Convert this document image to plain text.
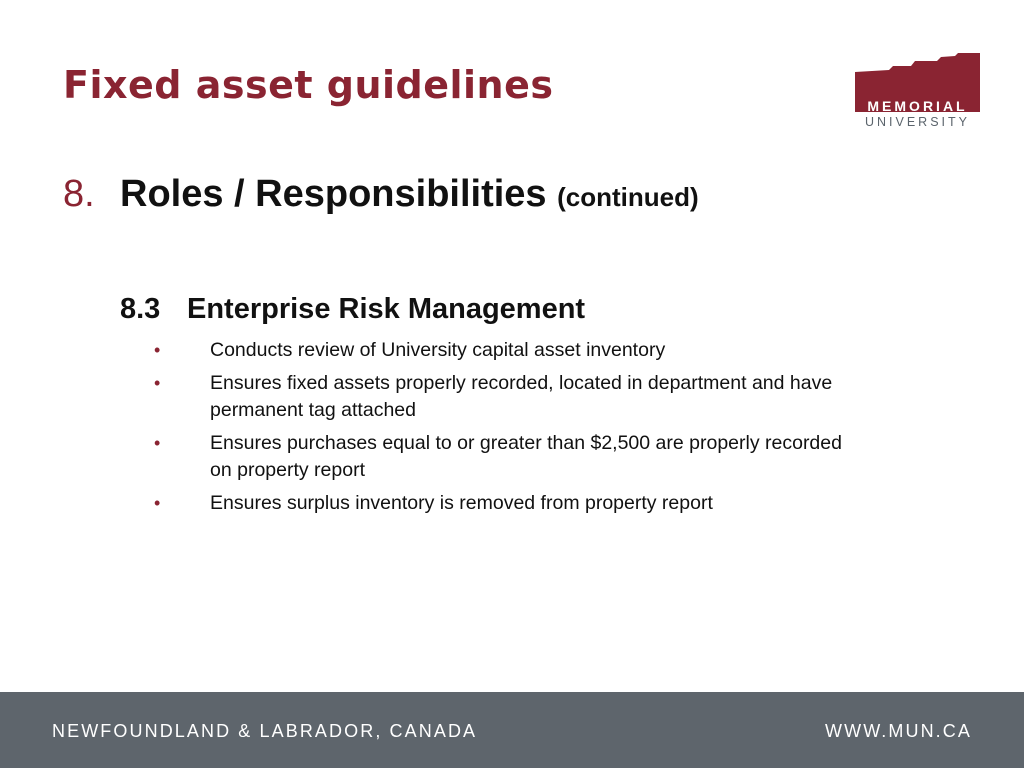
Fixed asset guidelines	MEMORIAL
UNIVERSITY
8. Roles / Responsibilities (continued)
8.3 Enterprise Risk Management
•	Conducts review of University capital asset inventory
•	Ensures fixed assets properly recorded, located in department and have permanent tag attached
•	Ensures purchases equal to or greater than $2,500 are properly recorded on property report
•	Ensures surplus inventory is removed from property report
NEWFOUNDLAND & LABRADOR, CANADA	WWW.MUN.CA
